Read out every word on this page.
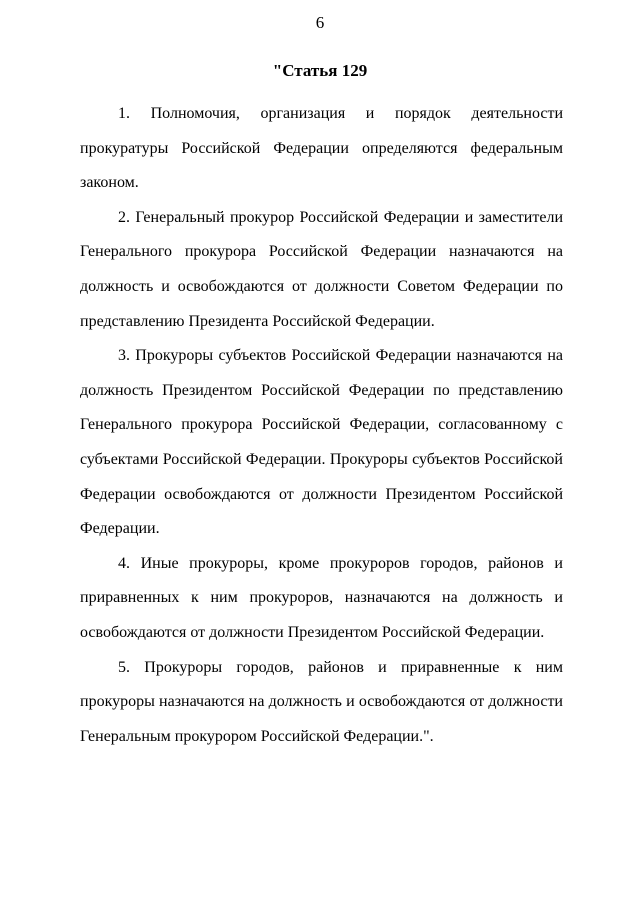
6
"Статья 129

1. Полномочия, организация и порядок деятельности прокуратуры Российской Федерации определяются федеральным законом.

2. Генеральный прокурор Российской Федерации и заместители Генерального прокурора Российской Федерации назначаются на должность и освобождаются от должности Советом Федерации по представлению Президента Российской Федерации.

3. Прокуроры субъектов Российской Федерации назначаются на должность Президентом Российской Федерации по представлению Генерального прокурора Российской Федерации, согласованному с субъектами Российской Федерации. Прокуроры субъектов Российской Федерации освобождаются от должности Президентом Российской Федерации.

4. Иные прокуроры, кроме прокуроров городов, районов и приравненных к ним прокуроров, назначаются на должность и освобождаются от должности Президентом Российской Федерации.

5. Прокуроры городов, районов и приравненные к ним прокуроры назначаются на должность и освобождаются от должности Генеральным прокурором Российской Федерации.".
